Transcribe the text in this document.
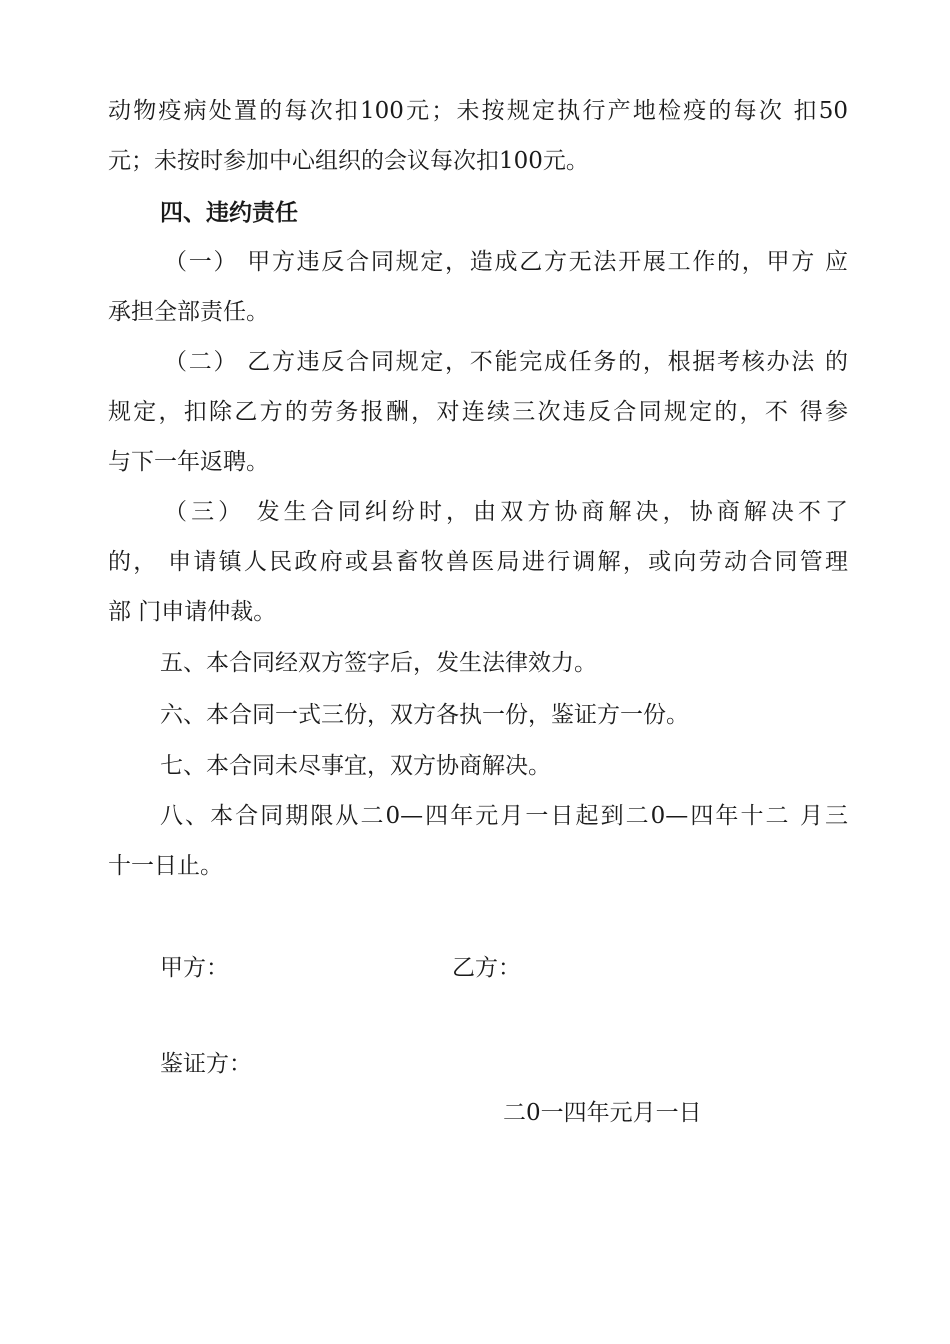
动物疫病处置的每次扣100元；未按规定执行产地检疫的每次 扣50
元；未按时参加中心组织的会议每次扣100元。
四、违约责任
（一） 甲方违反合同规定，造成乙方无法开展工作的，甲方 应
承担全部责任。
（二） 乙方违反合同规定，不能完成任务的，根据考核办法 的
规定，扣除乙方的劳务报酬，对连续三次违反合同规定的，不 得参
与下一年返聘。
（三） 发生合同纠纷时，由双方协商解决，协商解决不了
的， 申请镇人民政府或县畜牧兽医局进行调解，或向劳动合同管理
部 门申请仲裁。
五、本合同经双方签字后，发生法律效力。
六、本合同一式三份，双方各执一份，鉴证方一份。
七、本合同未尽事宜，双方协商解决。
八、本合同期限从二0—四年元月一日起到二0—四年十二 月三
十一日止。
甲方：	乙方：
鉴证方：
二0一四年元月一日
